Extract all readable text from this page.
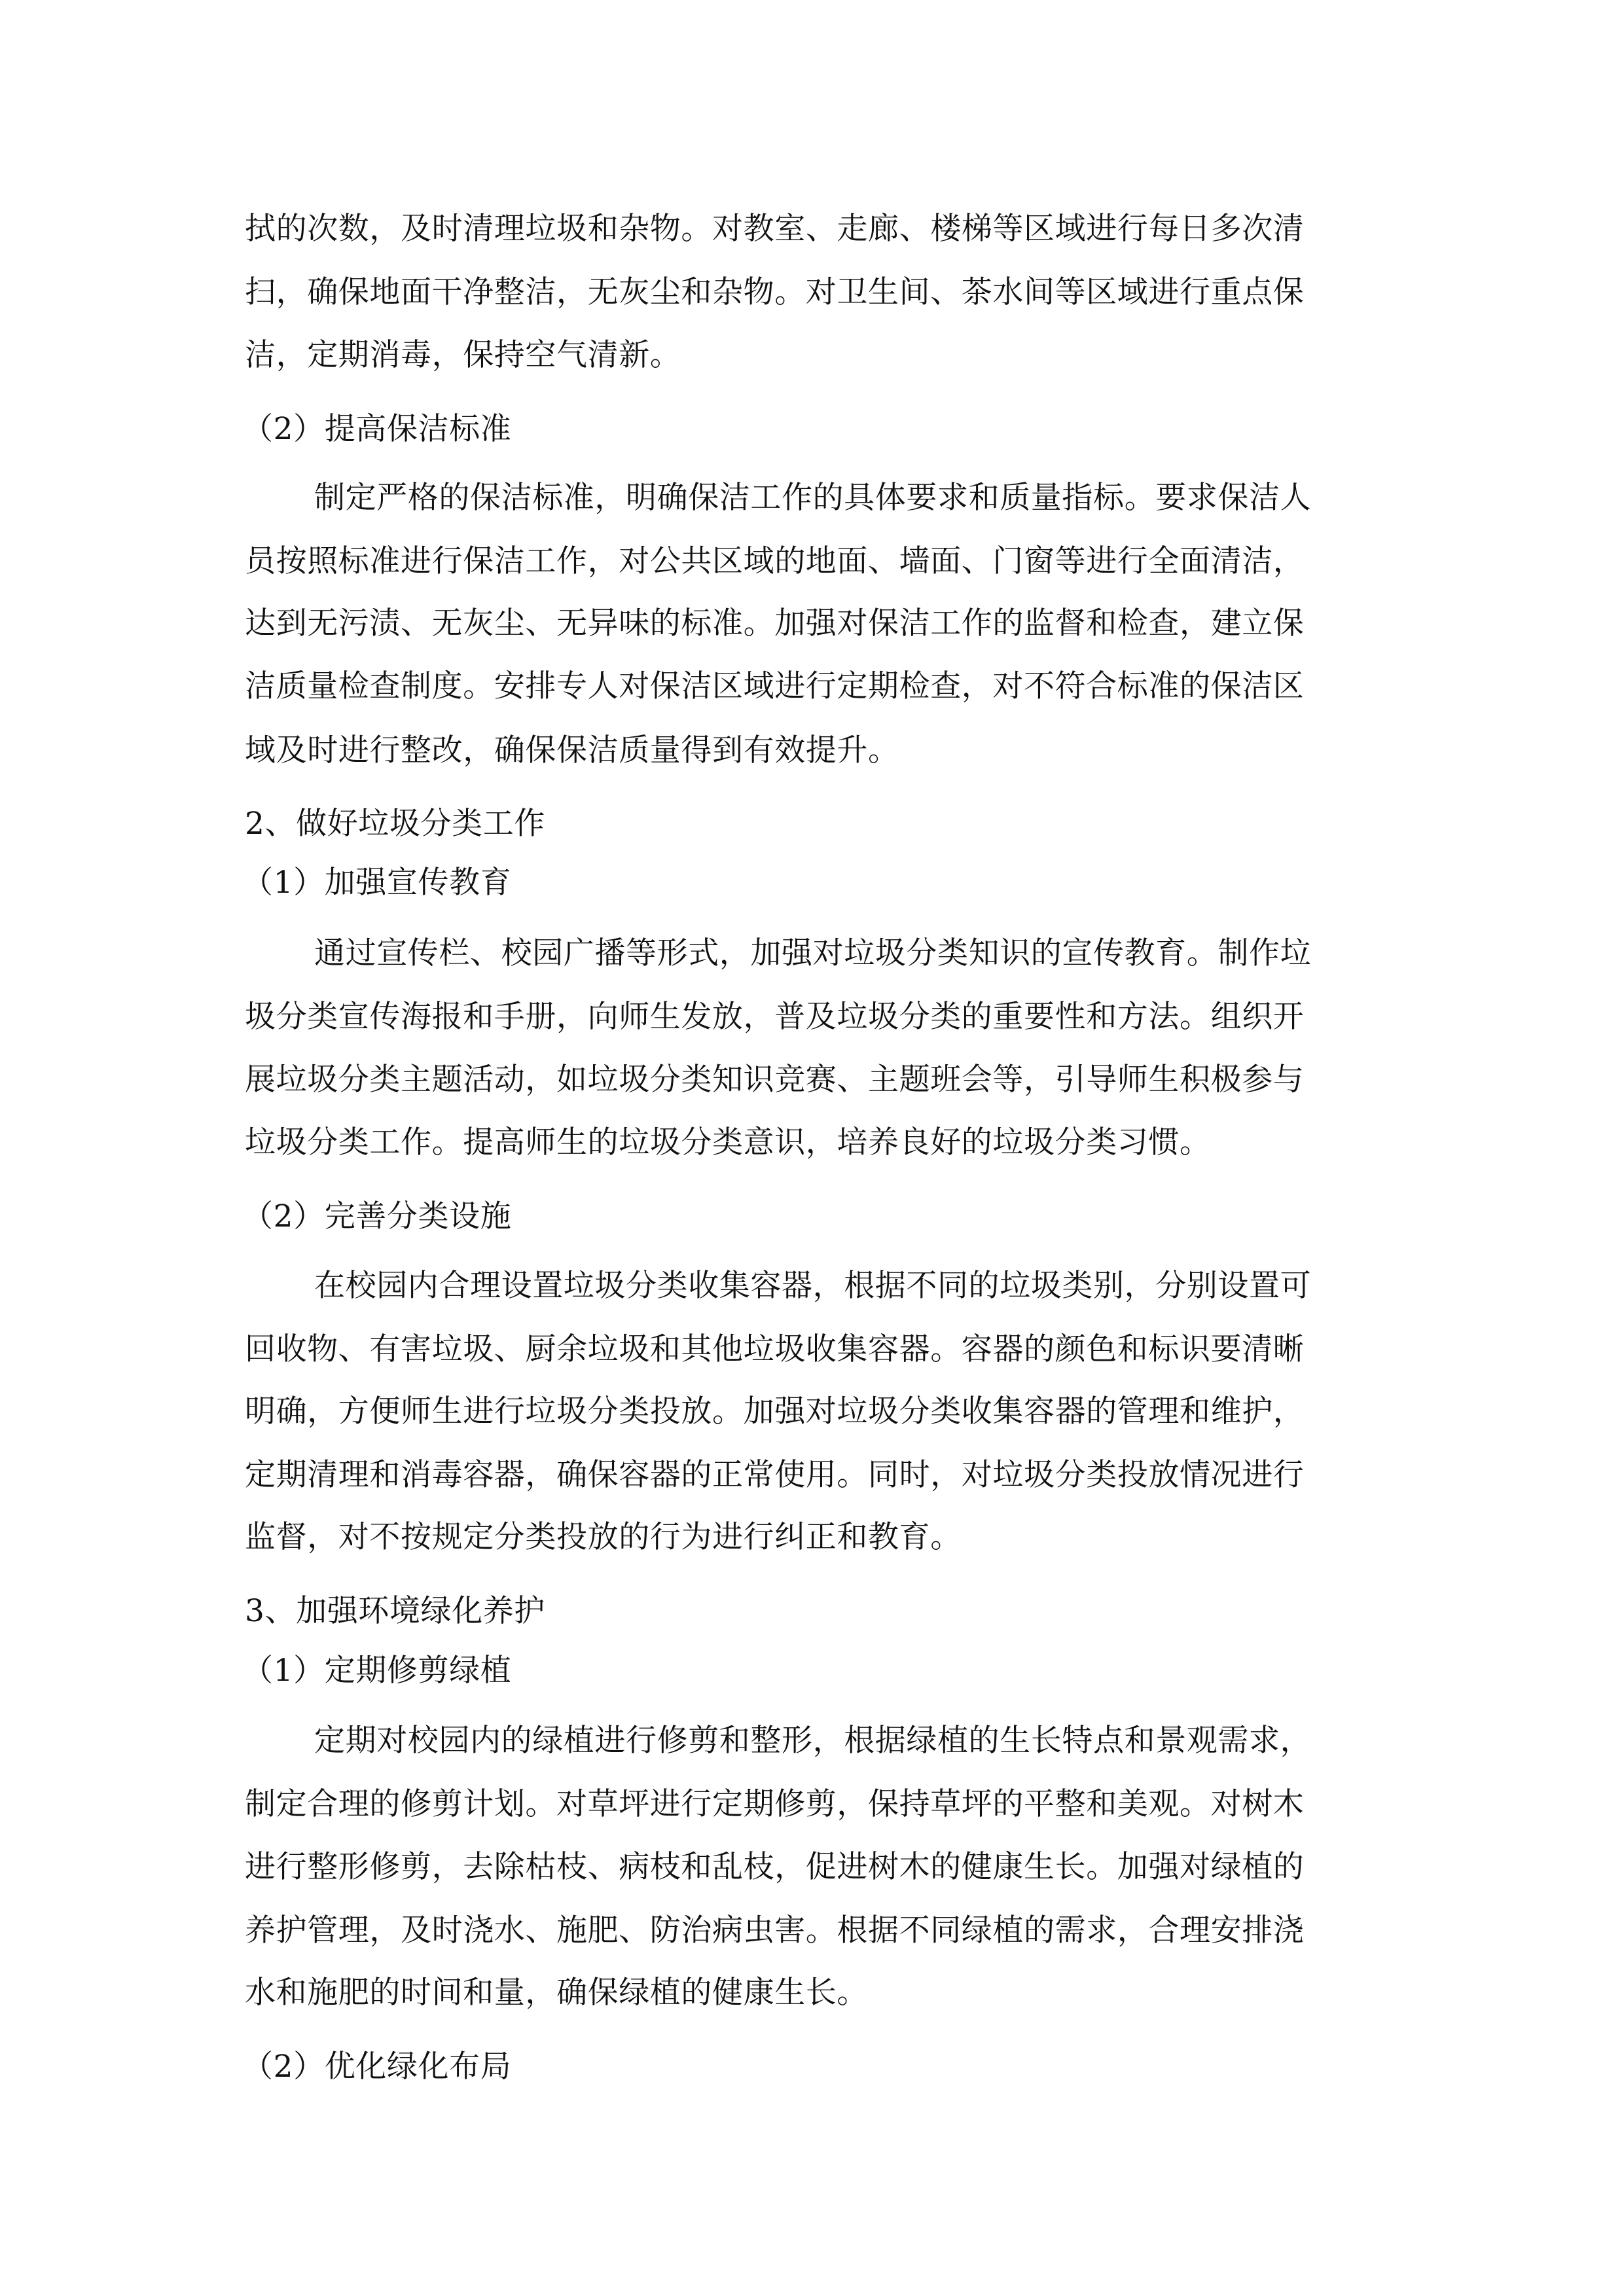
拭的次数，及时清理垃圾和杂物。对教室、走廊、楼梯等区域进行每日多次清
扫，确保地面干净整洁，无灰尘和杂物。对卫生间、茶水间等区域进行重点保
洁，定期消毒，保持空气清新。
（2）提高保洁标准
制定严格的保洁标准，明确保洁工作的具体要求和质量指标。要求保洁人
员按照标准进行保洁工作，对公共区域的地面、墙面、门窗等进行全面清洁，
达到无污渍、无灰尘、无异味的标准。加强对保洁工作的监督和检查，建立保
洁质量检查制度。安排专人对保洁区域进行定期检查，对不符合标准的保洁区
域及时进行整改，确保保洁质量得到有效提升。
2、做好垃圾分类工作
（1）加强宣传教育
通过宣传栏、校园广播等形式，加强对垃圾分类知识的宣传教育。制作垃
圾分类宣传海报和手册，向师生发放，普及垃圾分类的重要性和方法。组织开
展垃圾分类主题活动，如垃圾分类知识竞赛、主题班会等，引导师生积极参与
垃圾分类工作。提高师生的垃圾分类意识，培养良好的垃圾分类习惯。
（2）完善分类设施
在校园内合理设置垃圾分类收集容器，根据不同的垃圾类别，分别设置可
回收物、有害垃圾、厨余垃圾和其他垃圾收集容器。容器的颜色和标识要清晰
明确，方便师生进行垃圾分类投放。加强对垃圾分类收集容器的管理和维护，
定期清理和消毒容器，确保容器的正常使用。同时，对垃圾分类投放情况进行
监督，对不按规定分类投放的行为进行纠正和教育。
3、加强环境绿化养护
（1）定期修剪绿植
定期对校园内的绿植进行修剪和整形，根据绿植的生长特点和景观需求，
制定合理的修剪计划。对草坪进行定期修剪，保持草坪的平整和美观。对树木
进行整形修剪，去除枯枝、病枝和乱枝，促进树木的健康生长。加强对绿植的
养护管理，及时浇水、施肥、防治病虫害。根据不同绿植的需求，合理安排浇
水和施肥的时间和量，确保绿植的健康生长。
（2）优化绿化布局
